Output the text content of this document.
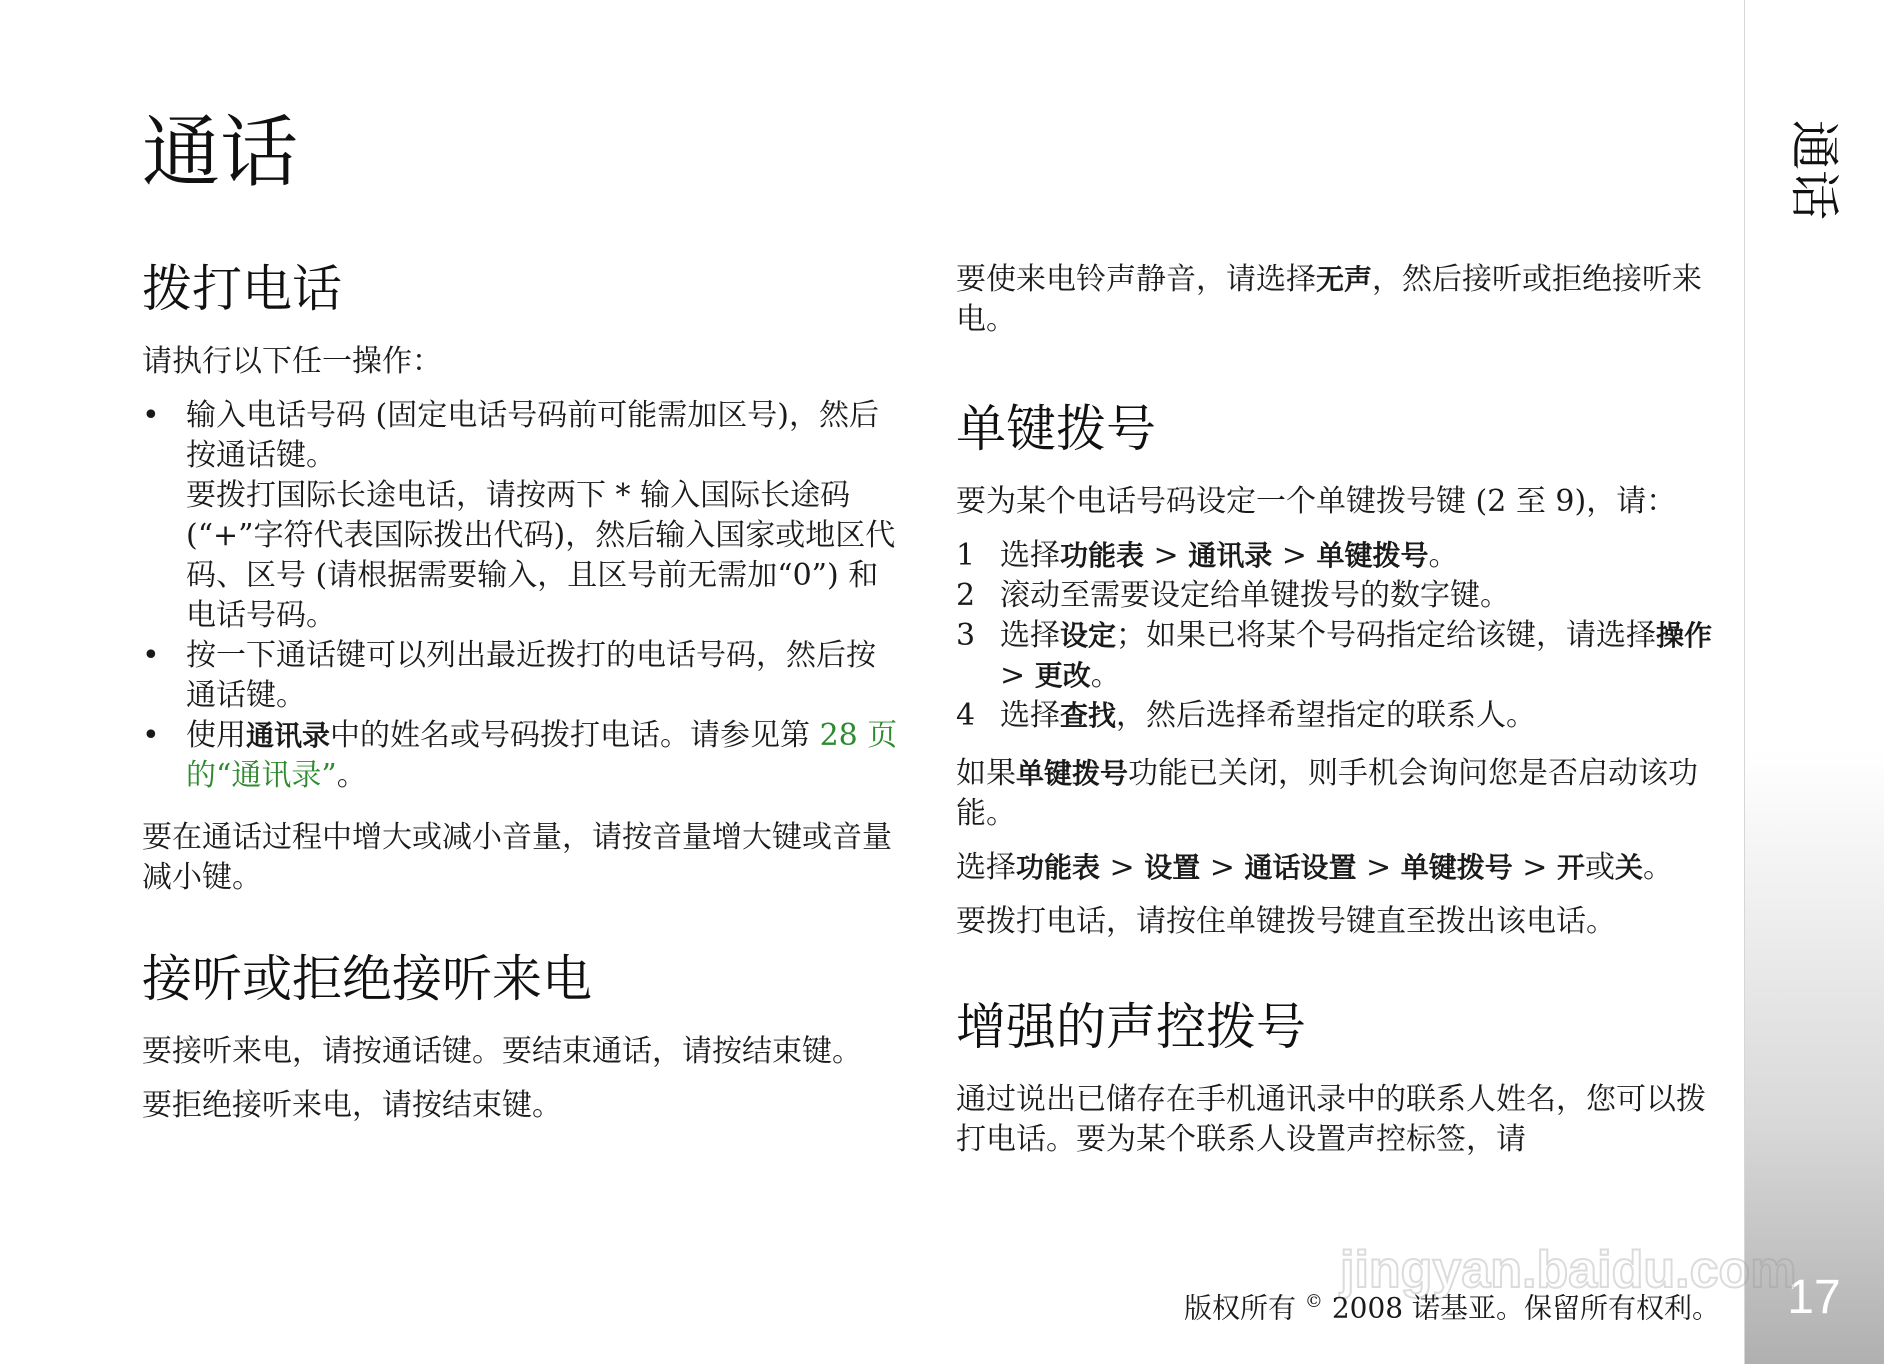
通话
17
通话
拨打电话

请执行以下任一操作：

• 输入电话号码 (固定电话号码前可能需加区号)，然后按通话键。
要拨打国际长途电话，请按两下 * 输入国际长途码 (“+”字符代表国际拨出代码)，然后输入国家或地区代码、区号 (请根据需要输入，且区号前无需加“0”) 和电话号码。
• 按一下通话键可以列出最近拨打的电话号码，然后按通话键。
• 使用通讯录中的姓名或号码拨打电话。请参见第 28 页的“通讯录”。

要在通话过程中增大或减小音量，请按音量增大键或音量减小键。

接听或拒绝接听来电

要接听来电，请按通话键。要结束通话，请按结束键。

要拒绝接听来电，请按结束键。

要使来电铃声静音，请选择无声，然后接听或拒绝接听来电。

单键拨号

要为某个电话号码设定一个单键拨号键 (2 至 9)，请：

1 选择功能表 > 通讯录 > 单键拨号。
2 滚动至需要设定给单键拨号的数字键。
3 选择设定；如果已将某个号码指定给该键，请选择操作 > 更改。
4 选择查找，然后选择希望指定的联系人。

如果单键拨号功能已关闭，则手机会询问您是否启动该功能。

选择功能表 > 设置 > 通话设置 > 单键拨号 > 开或关。

要拨打电话，请按住单键拨号键直至拨出该电话。

增强的声控拨号

通过说出已储存在手机通讯录中的联系人姓名，您可以拨打电话。要为某个联系人设置声控标签，请

jingyan.baidu.com
版权所有 © 2008 诺基亚。保留所有权利。
